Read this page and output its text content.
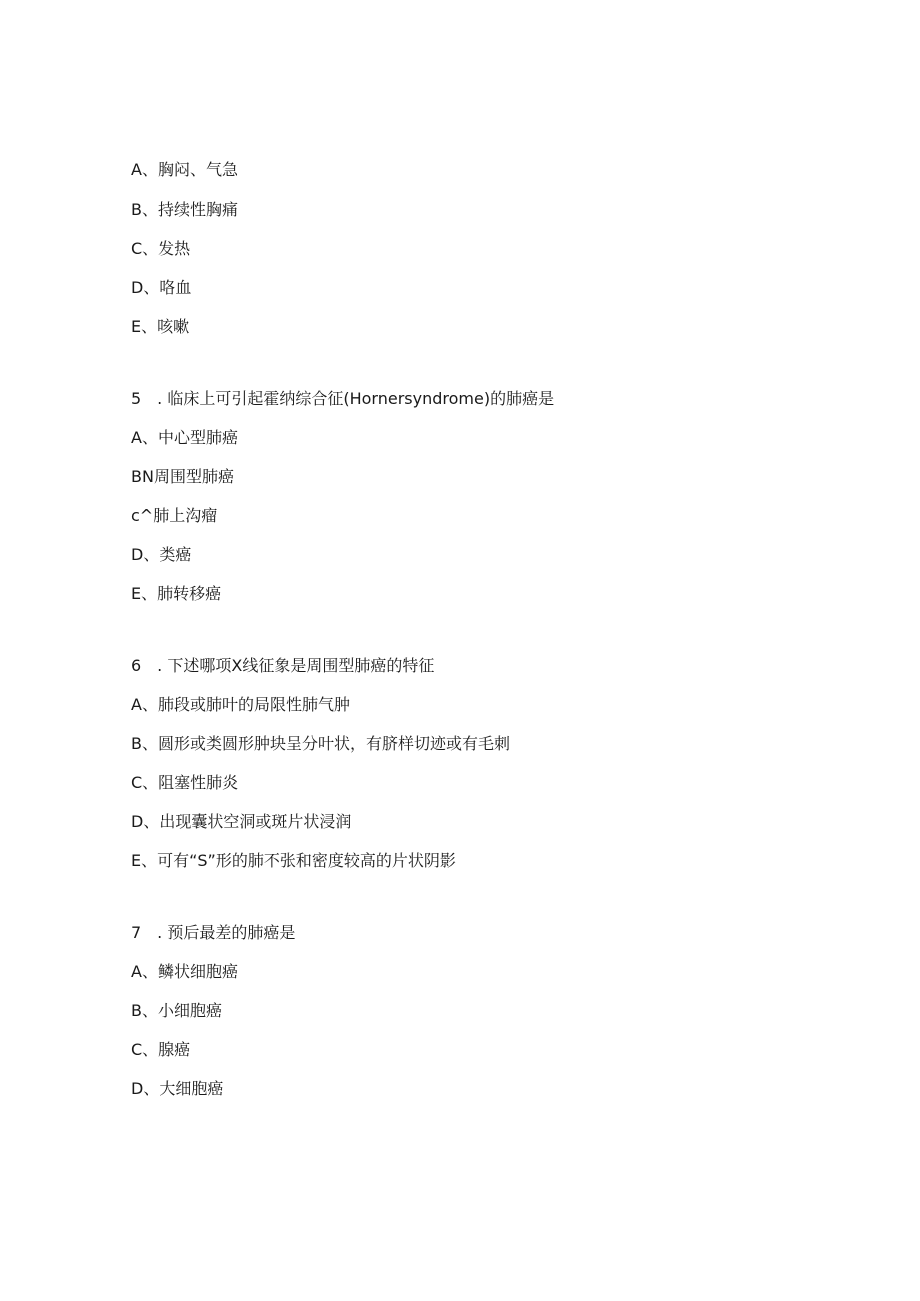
A、胸闷、气急
B、持续性胸痛
C、发热
D、咯血
E、咳嗽
5　. 临床上可引起霍纳综合征(Hornersyndrome)的肺癌是
A、中心型肺癌
BN周围型肺癌
c^肺上沟瘤
D、类癌
E、肺转移癌
6　. 下述哪项X线征象是周围型肺癌的特征
A、肺段或肺叶的局限性肺气肿
B、圆形或类圆形肿块呈分叶状，有脐样切迹或有毛刺
C、阻塞性肺炎
D、出现囊状空洞或斑片状浸润
E、可有“S”形的肺不张和密度较高的片状阴影
7　. 预后最差的肺癌是
A、鳞状细胞癌
B、小细胞癌
C、腺癌
D、大细胞癌
